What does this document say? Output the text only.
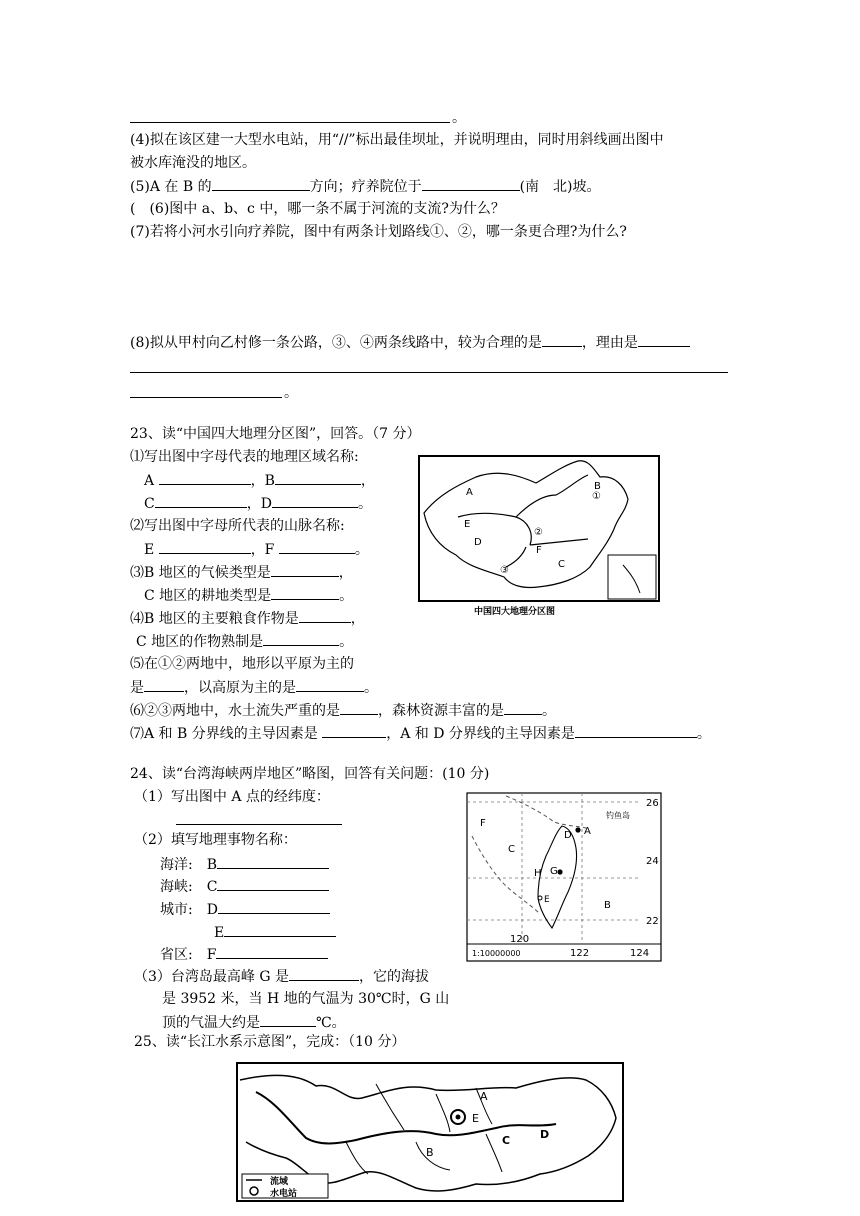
。
(4)拟在该区建一大型水电站，用“//”标出最佳坝址，并说明理由，同时用斜线画出图中
被水库淹没的地区。
(5)A 在 B 的	方向；疗养院位于	(南　北)坡。
(　(6)图中 a、b、c 中，哪一条不属于河流的支流?为什么？
(7)若将小河水引向疗养院，图中有两条计划路线①、②，哪一条更合理?为什么?
(8)拟从甲村向乙村修一条公路，③、④两条线路中，较为合理的是	，理由是
。
23、读“中国四大地理分区图”，回答。（7 分）
⑴写出图中字母代表的地理区域名称:
A	，B	，
C	，D	。
⑵写出图中字母所代表的山脉名称:
E	，F	。
⑶B 地区的气候类型是	，
C 地区的耕地类型是	。
⑷B 地区的主要粮食作物是	，
C 地区的作物熟制是	。
⑸在①②两地中，地形以平原为主的
是	，以高原为主的是	。
⑹②③两地中，水土流失严重的是	，森林资源丰富的是	。
⑺A 和 B 分界线的主导因素是	，A 和 D 分界线的主导因素是	。
A
B
①
E
D
②
F
C
③
中国四大地理分区图
24、读“台湾海峡两岸地区”略图，回答有关问题：(10 分)
（1）写出图中 A 点的经纬度：
（2）填写地理事物名称：
海洋:　B
海峡:　C
城市:　D
E
省区:　F
（3）台湾岛最高峰 G 是	，它的海拔
是 3952 米，当 H 地的气温为 30℃时，G 山
顶的气温大约是	℃。
26
24
22
120
122	124
1:10000000
钓鱼岛
F
C
D A
H G
E	B
25、读“长江水系示意图”，完成：（10 分）
流域
水电站
A
E
B
C	D
